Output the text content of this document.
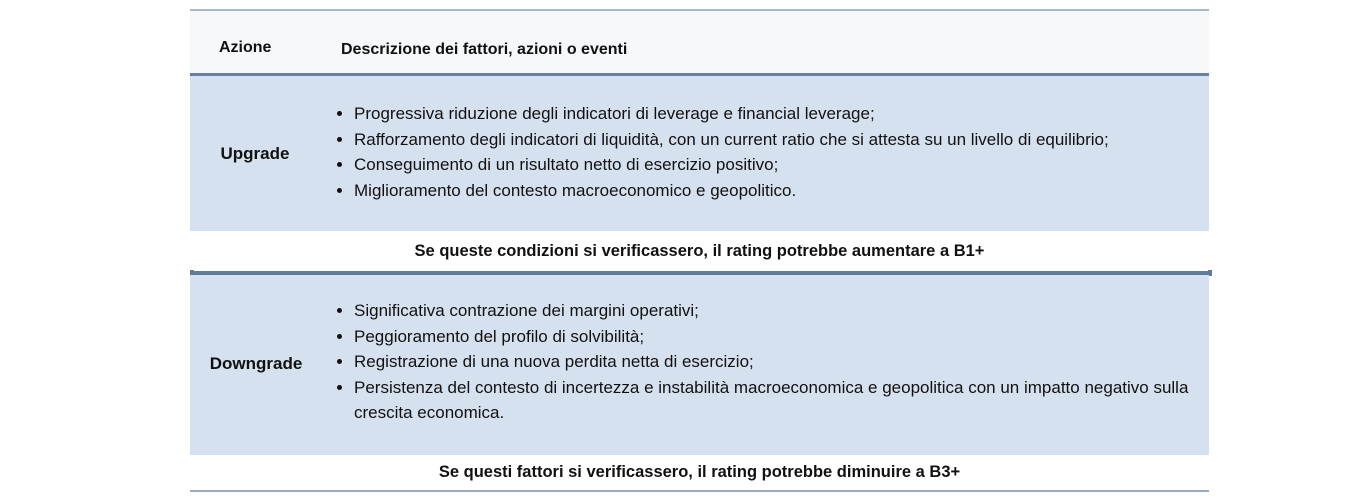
Azione	Descrizione dei fattori, azioni o eventi
Upgrade
• Progressiva riduzione degli indicatori di leverage e financial leverage;
• Rafforzamento degli indicatori di liquidità, con un current ratio che si attesta su un livello di equilibrio;
• Conseguimento di un risultato netto di esercizio positivo;
• Miglioramento del contesto macroeconomico e geopolitico.
Se queste condizioni si verificassero, il rating potrebbe aumentare a B1+
Downgrade
• Significativa contrazione dei margini operativi;
• Peggioramento del profilo di solvibilità;
• Registrazione di una nuova perdita netta di esercizio;
• Persistenza del contesto di incertezza e instabilità macroeconomica e geopolitica con un impatto negativo sulla crescita economica.
Se questi fattori si verificassero, il rating potrebbe diminuire a B3+
